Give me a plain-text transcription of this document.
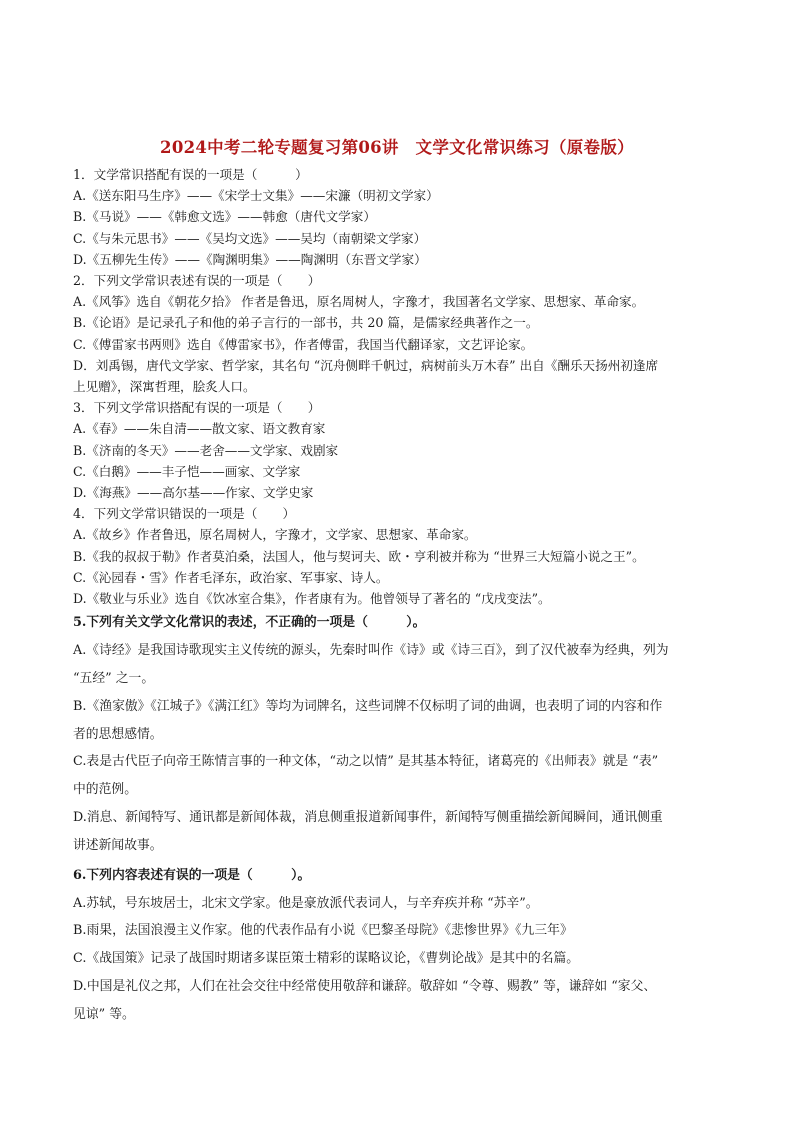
2024中考二轮专题复习第06讲　文学文化常识练习（原卷版）
1．文学常识搭配有误的一项是（　　　）
A.《送东阳马生序》——《宋学士文集》——宋濂（明初文学家）
B.《马说》——《韩愈文选》——韩愈（唐代文学家）
C.《与朱元思书》——《吴均文选》——吴均（南朝梁文学家）
D.《五柳先生传》——《陶渊明集》——陶渊明（东晋文学家）
2．下列文学常识表述有误的一项是（　　）
A.《风筝》选自《朝花夕拾》 作者是鲁迅，原名周树人，字豫才，我国著名文学家、思想家、革命家。
B.《论语》是记录孔子和他的弟子言行的一部书，共 20 篇，是儒家经典著作之一。
C.《傅雷家书两则》选自《傅雷家书》，作者傅雷，我国当代翻译家，文艺评论家。
D．刘禹锡，唐代文学家、哲学家，其名句 “沉舟侧畔千帆过，病树前头万木春” 出自《酬乐天扬州初逢席
上见赠》，深寓哲理，脍炙人口。
3．下列文学常识搭配有误的一项是（　　）
A.《春》——朱自清——散文家、语文教育家
B.《济南的冬天》——老舍——文学家、戏剧家
C.《白鹅》——丰子恺——画家、文学家
D.《海燕》——高尔基——作家、文学史家
4．下列文学常识错误的一项是（　　）
A.《故乡》作者鲁迅，原名周树人，字豫才，文学家、思想家、革命家。
B.《我的叔叔于勒》作者莫泊桑，法国人，他与契诃夫、欧・亨利被并称为 “世界三大短篇小说之王”。
C.《沁园春・雪》作者毛泽东，政治家、军事家、诗人。
D.《敬业与乐业》选自《饮冰室合集》，作者康有为。他曾领导了著名的 “戊戌变法”。
5.下列有关文学文化常识的表述，不正确的一项是（　　　）。
A.《诗经》是我国诗歌现实主义传统的源头，先秦时叫作《诗》或《诗三百》，到了汉代被奉为经典，列为
“五经” 之一。
B.《渔家傲》《江城子》《满江红》等均为词牌名，这些词牌不仅标明了词的曲调，也表明了词的内容和作
者的思想感情。
C.表是古代臣子向帝王陈情言事的一种文体，“动之以情” 是其基本特征，诸葛亮的《出师表》就是 “表”
中的范例。
D.消息、新闻特写、通讯都是新闻体裁，消息侧重报道新闻事件，新闻特写侧重描绘新闻瞬间，通讯侧重
讲述新闻故事。
6.下列内容表述有误的一项是（　　　）。
A.苏轼，号东坡居士，北宋文学家。他是豪放派代表词人，与辛弃疾并称 “苏辛”。
B.雨果，法国浪漫主义作家。他的代表作品有小说《巴黎圣母院》《悲惨世界》《九三年》
C.《战国策》记录了战国时期诸多谋臣策士精彩的谋略议论，《曹刿论战》是其中的名篇。
D.中国是礼仪之邦，人们在社会交往中经常使用敬辞和谦辞。敬辞如 “令尊、赐教” 等，谦辞如 “家父、
见谅” 等。
